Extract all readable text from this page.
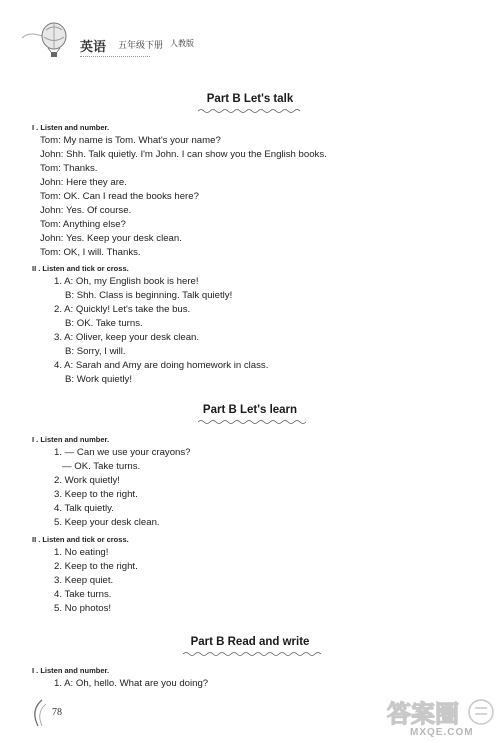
英语 五年级下册 人教版
Part B Let's talk
I . Listen and number.
Tom: My name is Tom. What's your name?
John: Shh. Talk quietly. I'm John. I can show you the English books.
Tom: Thanks.
John: Here they are.
Tom: OK. Can I read the books here?
John: Yes. Of course.
Tom: Anything else?
John: Yes. Keep your desk clean.
Tom: OK, I will. Thanks.
II . Listen and tick or cross.
1. A: Oh, my English book is here!
B: Shh. Class is beginning. Talk quietly!
2. A: Quickly! Let's take the bus.
B: OK. Take turns.
3. A: Oliver, keep your desk clean.
B: Sorry, I will.
4. A: Sarah and Amy are doing homework in class.
B: Work quietly!
Part B Let's learn
I . Listen and number.
1. — Can we use your crayons?
— OK. Take turns.
2. Work quietly!
3. Keep to the right.
4. Talk quietly.
5. Keep your desk clean.
II . Listen and tick or cross.
1. No eating!
2. Keep to the right.
3. Keep quiet.
4. Take turns.
5. No photos!
Part B Read and write
I . Listen and number.
1. A: Oh, hello. What are you doing?
78	答案圈
MXQE.COM
